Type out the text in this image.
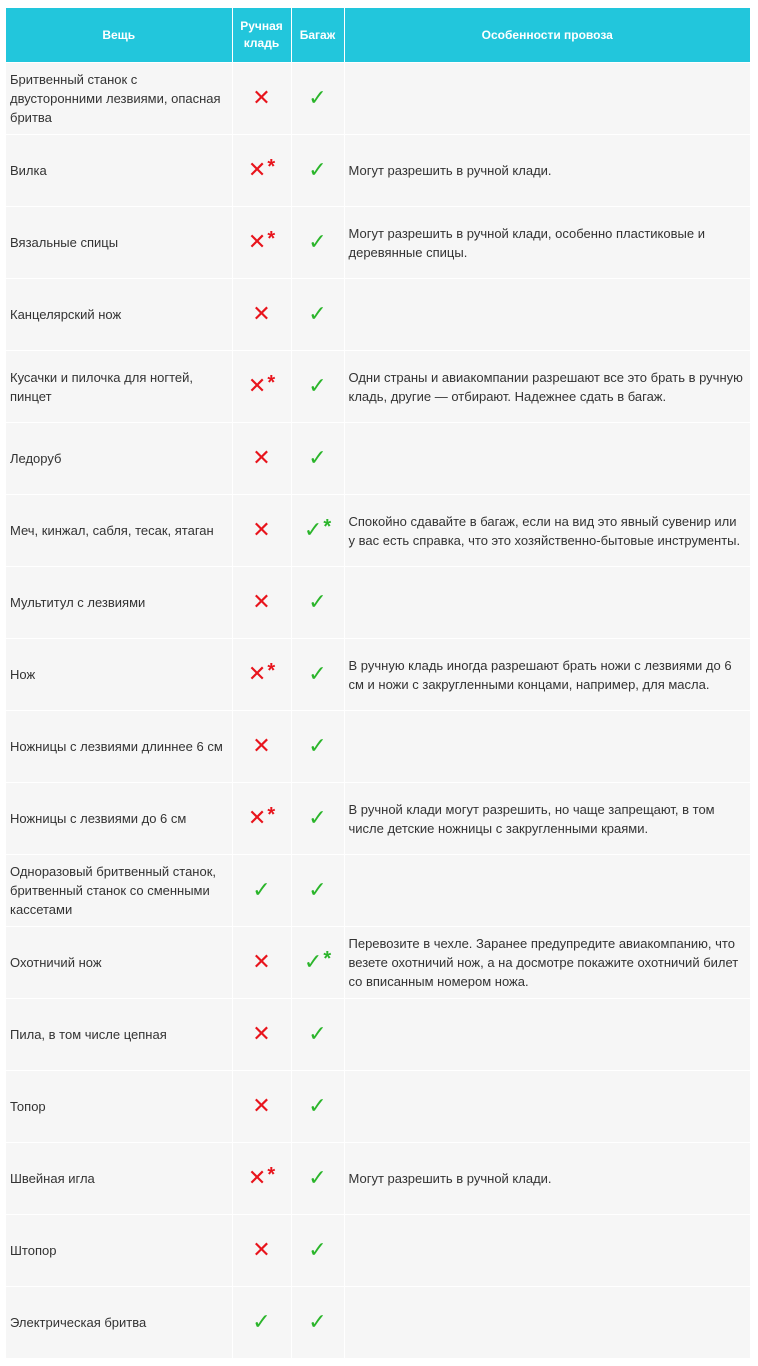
Вещь	Ручная кладь	Багаж	Особенности провоза
Бритвенный станок с двусторонними лезвиями, опасная бритва	✕	✓	
Вилка	✕*	✓	Могут разрешить в ручной клади.
Вязальные спицы	✕*	✓	Могут разрешить в ручной клади, особенно пластиковые и деревянные спицы.
Канцелярский нож	✕	✓	
Кусачки и пилочка для ногтей, пинцет	✕*	✓	Одни страны и авиакомпании разрешают все это брать в ручную кладь, другие — отбирают. Надежнее сдать в багаж.
Ледоруб	✕	✓	
Меч, кинжал, сабля, тесак, ятаган	✕	✓*	Спокойно сдавайте в багаж, если на вид это явный сувенир или у вас есть справка, что это хозяйственно-бытовые инструменты.
Мультитул с лезвиями	✕	✓	
Нож	✕*	✓	В ручную кладь иногда разрешают брать ножи с лезвиями до 6 см и ножи с закругленными концами, например, для масла.
Ножницы с лезвиями длиннее 6 см	✕	✓	
Ножницы с лезвиями до 6 см	✕*	✓	В ручной клади могут разрешить, но чаще запрещают, в том числе детские ножницы с закругленными краями.
Одноразовый бритвенный станок, бритвенный станок со сменными кассетами	✓	✓	
Охотничий нож	✕	✓*	Перевозите в чехле. Заранее предупредите авиакомпанию, что везете охотничий нож, а на досмотре покажите охотничий билет со вписанным номером ножа.
Пила, в том числе цепная	✕	✓	
Топор	✕	✓	
Швейная игла	✕*	✓	Могут разрешить в ручной клади.
Штопор	✕	✓	
Электрическая бритва	✓	✓	
